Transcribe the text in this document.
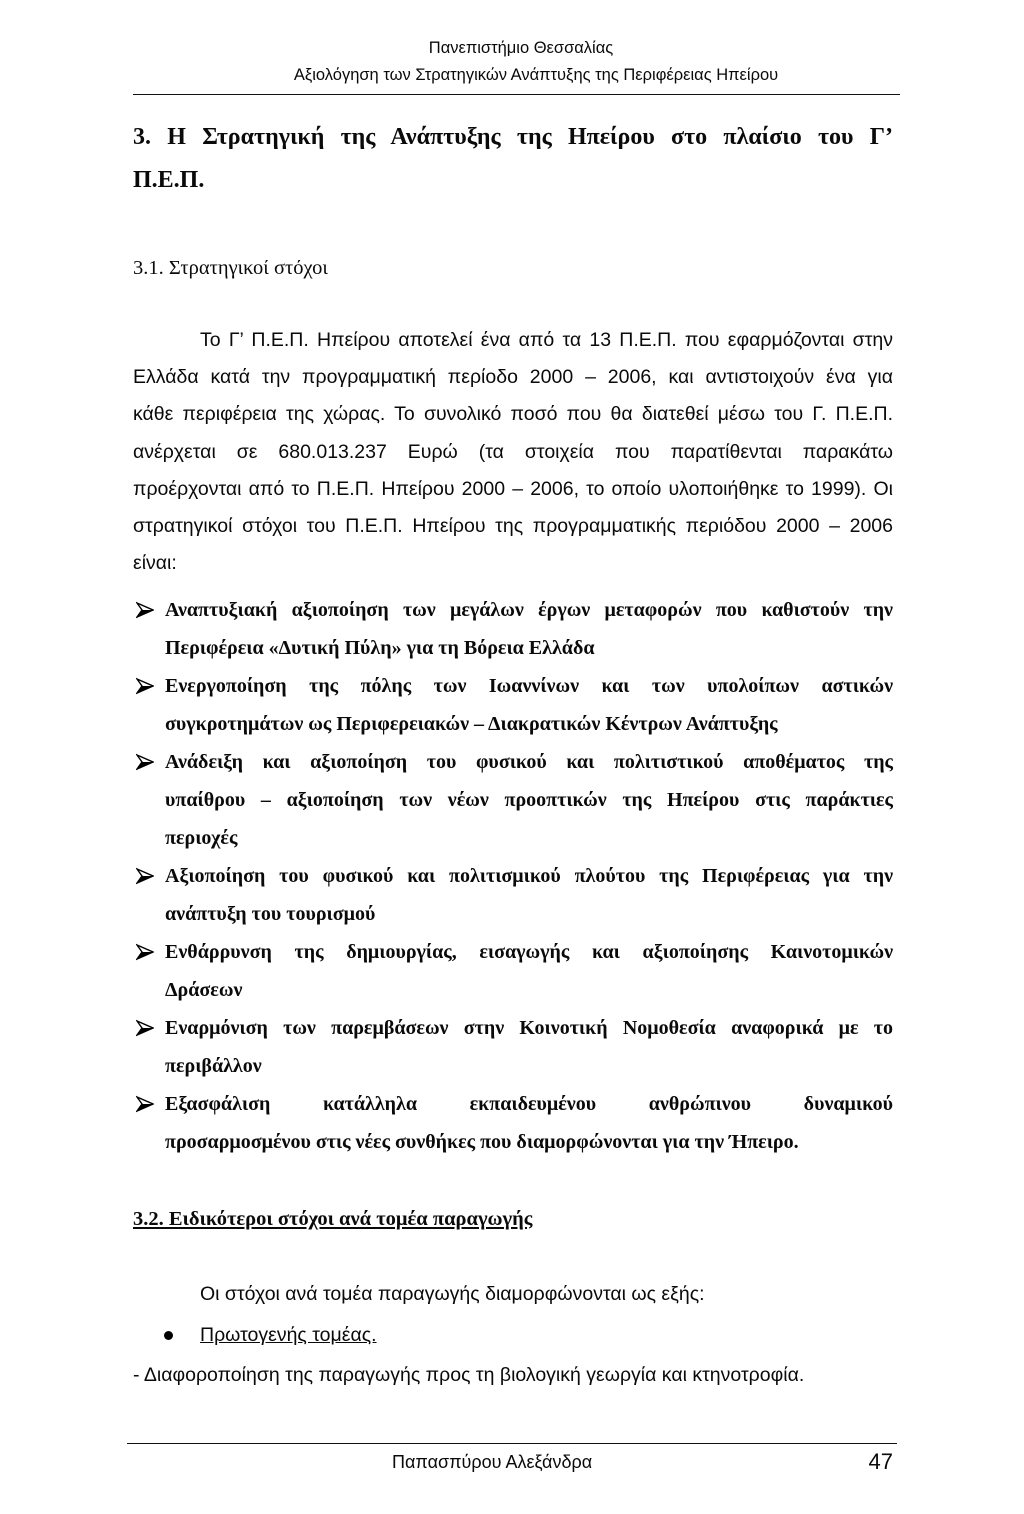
Πανεπιστήμιο Θεσσαλίας
Αξιολόγηση των Στρατηγικών Ανάπτυξης της Περιφέρειας Ηπείρου
3. Η Στρατηγική της Ανάπτυξης της Ηπείρου στο πλαίσιο του Γ’
Π.Ε.Π.
3.1. Στρατηγικοί στόχοι
Το Γ’ Π.Ε.Π. Ηπείρου αποτελεί ένα από τα 13 Π.Ε.Π. που εφαρμόζονται στην
Ελλάδα κατά την προγραμματική περίοδο 2000 – 2006, και αντιστοιχούν ένα για
κάθε περιφέρεια της χώρας. Το συνολικό ποσό που θα διατεθεί μέσω του Γ. Π.Ε.Π.
ανέρχεται σε 680.013.237 Ευρώ (τα στοιχεία που παρατίθενται παρακάτω
προέρχονται από το Π.Ε.Π. Ηπείρου 2000 – 2006, το οποίο υλοποιήθηκε το 1999). Οι
στρατηγικοί στόχοι του Π.Ε.Π. Ηπείρου της προγραμματικής περιόδου 2000 – 2006
είναι:
Αναπτυξιακή αξιοποίηση των μεγάλων έργων μεταφορών που καθιστούν την
Περιφέρεια «Δυτική Πύλη» για τη Βόρεια Ελλάδα
Ενεργοποίηση της πόλης των Ιωαννίνων και των υπολοίπων αστικών
συγκροτημάτων ως Περιφερειακών – Διακρατικών Κέντρων Ανάπτυξης
Ανάδειξη και αξιοποίηση του φυσικού και πολιτιστικού αποθέματος της
υπαίθρου – αξιοποίηση των νέων προοπτικών της Ηπείρου στις παράκτιες
περιοχές
Αξιοποίηση του φυσικού και πολιτισμικού πλούτου της Περιφέρειας για την
ανάπτυξη του τουρισμού
Ενθάρρυνση της δημιουργίας, εισαγωγής και αξιοποίησης Καινοτομικών
Δράσεων
Εναρμόνιση των παρεμβάσεων στην Κοινοτική Νομοθεσία αναφορικά με το
περιβάλλον
Εξασφάλιση κατάλληλα εκπαιδευμένου ανθρώπινου δυναμικού
προσαρμοσμένου στις νέες συνθήκες που διαμορφώνονται για την Ήπειρο.
3.2. Ειδικότεροι στόχοι ανά τομέα παραγωγής
Οι στόχοι ανά τομέα παραγωγής διαμορφώνονται ως εξής:
Πρωτογενής τομέας.
- Διαφοροποίηση της παραγωγής προς τη βιολογική γεωργία και κτηνοτροφία.
Παπασπύρου Αλεξάνδρα	47
